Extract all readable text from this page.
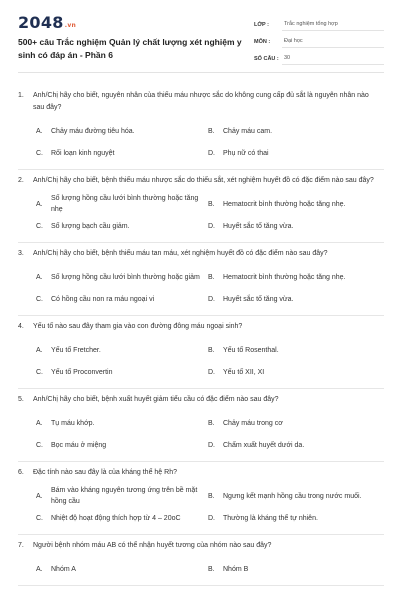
2048.vn
500+ câu Trắc nghiệm Quản lý chất lượng xét nghiệm y sinh có đáp án - Phần 6
LỚP :	Trắc nghiệm tổng hợp
MÔN :	Đại học
SỐ CÂU : 30
1.	Anh/Chị hãy cho biết, nguyên nhân của thiếu máu nhược sắc do không cung cấp đủ sắt là nguyên nhân nào sau đây?
A.	Chảy máu đường tiêu hóa.	B.	Chảy máu cam.
C.	Rối loạn kinh nguyệt	D.	Phụ nữ có thai
2.	Anh/Chị hãy cho biết, bệnh thiếu máu nhược sắc do thiếu sắt, xét nghiệm huyết đồ có đặc điểm nào sau đây?
A.
Số lượng hồng cầu lưới bình thường hoặc tăng nhẹ
B.	Hematocrit bình thường hoặc tăng nhẹ.
C.	Số lượng bạch cầu giảm.	D.	Huyết sắc tố tăng vừa.
3.	Anh/Chị hãy cho biết, bệnh thiếu máu tan máu, xét nghiệm huyết đồ có đặc điểm nào sau đây?
A.	Số lượng hồng cầu lưới bình thường hoặc giảm	B.	Hematocrit bình thường hoặc tăng nhẹ.
C.	Có hồng cầu non ra máu ngoại vi	D.	Huyết sắc tố tăng vừa.
4.	Yếu tố nào sau đây tham gia vào con đường đông máu ngoại sinh?
A.	Yếu tố Fretcher.	B.	Yếu tố Rosenthal.
C.	Yếu tố Proconvertin	D.	Yếu tố XII, XI
5.	Anh/Chị hãy cho biết, bệnh xuất huyết giảm tiểu cầu có đặc điểm nào sau đây?
A.	Tụ máu khớp.	B.	Chảy máu trong cơ
C.	Bọc máu ở miệng	D.	Chấm xuất huyết dưới da.
6.	Đặc tính nào sau đây là của kháng thể hệ Rh?
A.
Bám vào kháng nguyên tương ứng trên bề mặt hồng cầu
B.	Ngưng kết mạnh hồng cầu trong nước muối.
C.	Nhiệt độ hoạt động thích hợp từ 4 – 20oC	D.	Thường là kháng thể tự nhiên.
7.	Người bệnh nhóm máu AB có thể nhận huyết tương của nhóm nào sau đây?
A.	Nhóm A	B.	Nhóm B
